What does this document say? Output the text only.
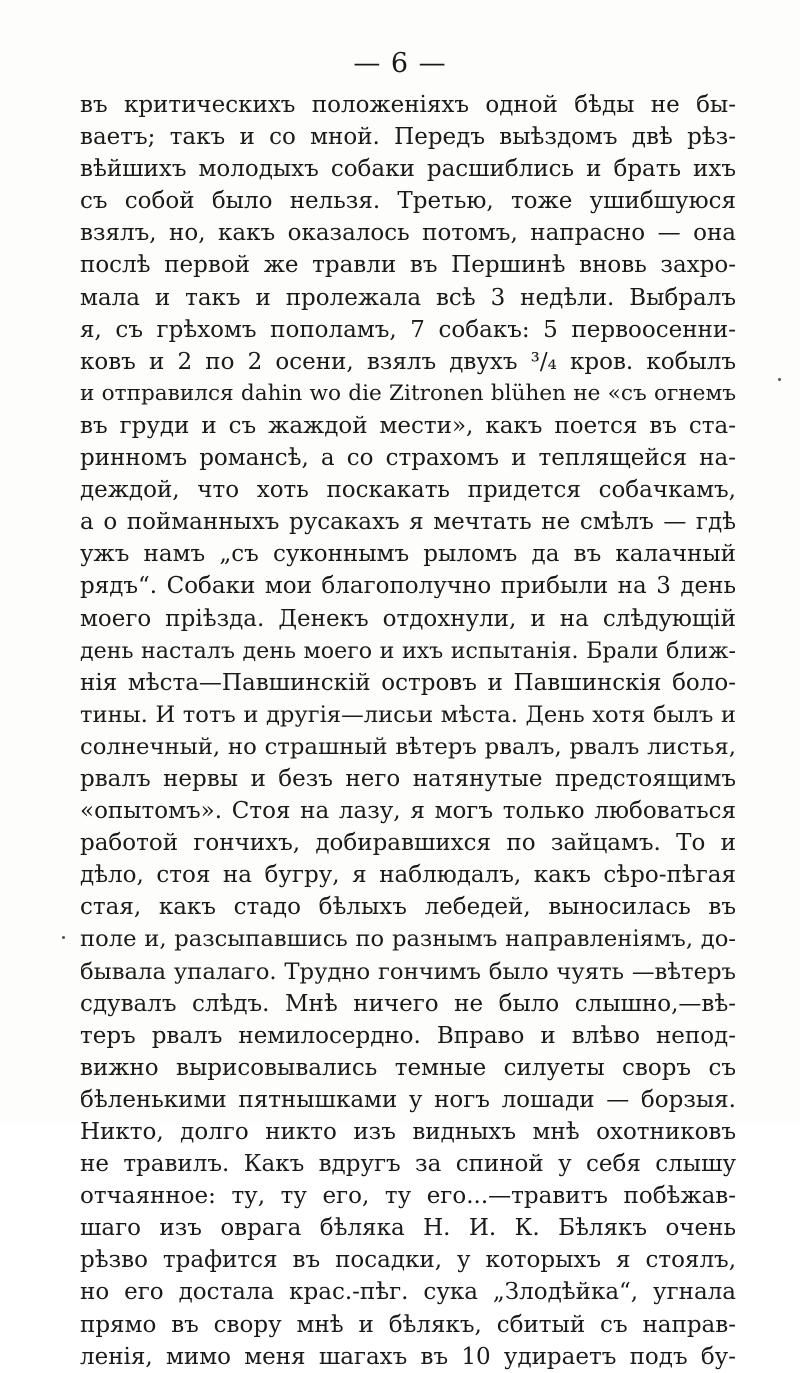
— 6 —
въ критическихъ положеніяхъ одной бѣды не бы-
ваетъ; такъ и со мной. Передъ выѣздомъ двѣ рѣз-
вѣйшихъ молодыхъ собаки расшиблись и брать ихъ
съ собой было нельзя. Третью, тоже ушибшуюся
взялъ, но, какъ оказалось потомъ, напрасно — она
послѣ первой же травли въ Першинѣ вновь захро-
мала и такъ и пролежала всѣ 3 недѣли. Выбралъ
я, съ грѣхомъ пополамъ, 7 собакъ: 5 первоосенни-
ковъ и 2 по 2 осени, взялъ двухъ ³/₄ кров. кобылъ
и отправился dahin wo die Zitronen blühen не «съ огнемъ
въ груди и съ жаждой мести», какъ поется въ ста-
ринномъ романсѣ, а со страхомъ и теплящейся на-
деждой, что хоть поскакать придется собачкамъ,
а о пойманныхъ русакахъ я мечтать не смѣлъ — гдѣ
ужъ намъ „съ суконнымъ рыломъ да въ калачный
рядъ“. Собаки мои благополучно прибыли на 3 день
моего пріѣзда. Денекъ отдохнули, и на слѣдующій
день насталъ день моего и ихъ испытанія. Брали ближ-
нія мѣста—Павшинскій островъ и Павшинскія боло-
тины. И тотъ и другія—лисьи мѣста. День хотя былъ и
солнечный, но страшный вѣтеръ рвалъ, рвалъ листья,
рвалъ нервы и безъ него натянутые предстоящимъ
«опытомъ». Стоя на лазу, я могъ только любоваться
работой гончихъ, добиравшихся по зайцамъ. То и
дѣло, стоя на бугру, я наблюдалъ, какъ сѣро-пѣгая
стая, какъ стадо бѣлыхъ лебедей, выносилась въ
поле и, разсыпавшись по разнымъ направленіямъ, до-
бывала упалаго. Трудно гончимъ было чуять —вѣтеръ
сдувалъ слѣдъ. Мнѣ ничего не было слышно,—вѣ-
теръ рвалъ немилосердно. Вправо и влѣво непод-
вижно вырисовывались темные силуеты своръ съ
бѣленькими пятнышками у ногъ лошади — борзыя.
Никто, долго никто изъ видныхъ мнѣ охотниковъ
не травилъ. Какъ вдругъ за спиной у себя слышу
отчаянное: ту, ту его, ту его...—травитъ побѣжав-
шаго изъ оврага бѣляка Н. И. К. Бѣлякъ очень
рѣзво трафится въ посадки, у которыхъ я стоялъ,
но его достала крас.-пѣг. сука „Злодѣйка“, угнала
прямо въ свору мнѣ и бѣлякъ, сбитый съ направ-
ленія, мимо меня шагахъ въ 10 удираетъ подъ бу-
